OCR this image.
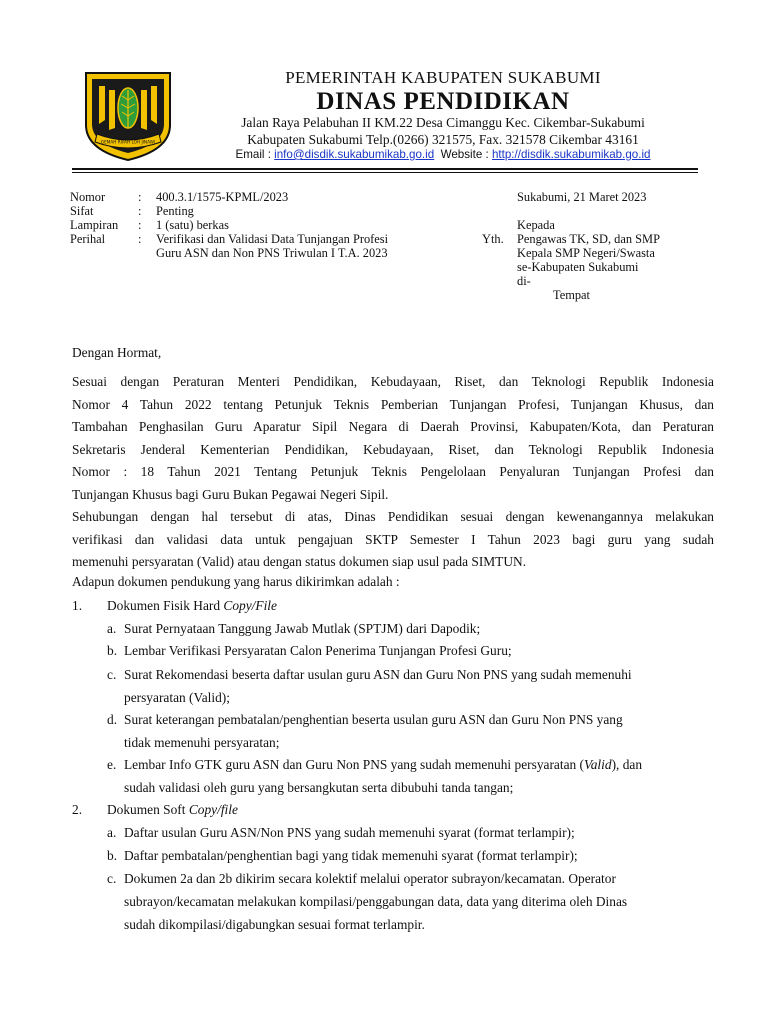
GEMAH RIPAH LOH JINAWI
PEMERINTAH KABUPATEN SUKABUMI
DINAS PENDIDIKAN
Jalan Raya Pelabuhan II KM.22 Desa Cimanggu Kec. Cikembar-Sukabumi
Kabupaten Sukabumi Telp.(0266) 321575, Fax. 321578 Cikembar 43161
Email : info@disdik.sukabumikab.go.id Website : http://disdik.sukabumikab.go.id
Nomor	: 400.3.1/1575-KPML/2023
Sifat	: Penting
Lampiran : 1 (satu) berkas
Perihal	: Verifikasi dan Validasi Data Tunjangan Profesi
Guru ASN dan Non PNS Triwulan I T.A. 2023
Sukabumi, 21 Maret 2023
Kepada
Yth. Pengawas TK, SD, dan SMP
Kepala SMP Negeri/Swasta
se-Kabupaten Sukabumi
di-
Tempat
Dengan Hormat,
Sesuai dengan Peraturan Menteri Pendidikan, Kebudayaan, Riset, dan Teknologi Republik Indonesia
Nomor 4 Tahun 2022 tentang Petunjuk Teknis Pemberian Tunjangan Profesi, Tunjangan Khusus, dan
Tambahan Penghasilan Guru Aparatur Sipil Negara di Daerah Provinsi, Kabupaten/Kota, dan Peraturan
Sekretaris Jenderal Kementerian Pendidikan, Kebudayaan, Riset, dan Teknologi Republik Indonesia
Nomor : 18 Tahun 2021 Tentang Petunjuk Teknis Pengelolaan Penyaluran Tunjangan Profesi dan
Tunjangan Khusus bagi Guru Bukan Pegawai Negeri Sipil.
Sehubungan dengan hal tersebut di atas, Dinas Pendidikan sesuai dengan kewenangannya melakukan
verifikasi dan validasi data untuk pengajuan SKTP Semester I Tahun 2023 bagi guru yang sudah
memenuhi persyaratan (Valid) atau dengan status dokumen siap usul pada SIMTUN.
Adapun dokumen pendukung yang harus dikirimkan adalah :
1. Dokumen Fisik Hard Copy/File
a. Surat Pernyataan Tanggung Jawab Mutlak (SPTJM) dari Dapodik;
b. Lembar Verifikasi Persyaratan Calon Penerima Tunjangan Profesi Guru;
c. Surat Rekomendasi beserta daftar usulan guru ASN dan Guru Non PNS yang sudah memenuhi
persyaratan (Valid);
d. Surat keterangan pembatalan/penghentian beserta usulan guru ASN dan Guru Non PNS yang
tidak memenuhi persyaratan;
e. Lembar Info GTK guru ASN dan Guru Non PNS yang sudah memenuhi persyaratan (Valid), dan
sudah validasi oleh guru yang bersangkutan serta dibubuhi tanda tangan;
2. Dokumen Soft Copy/file
a. Daftar usulan Guru ASN/Non PNS yang sudah memenuhi syarat (format terlampir);
b. Daftar pembatalan/penghentian bagi yang tidak memenuhi syarat (format terlampir);
c. Dokumen 2a dan 2b dikirim secara kolektif melalui operator subrayon/kecamatan. Operator
subrayon/kecamatan melakukan kompilasi/penggabungan data, data yang diterima oleh Dinas
sudah dikompilasi/digabungkan sesuai format terlampir.
